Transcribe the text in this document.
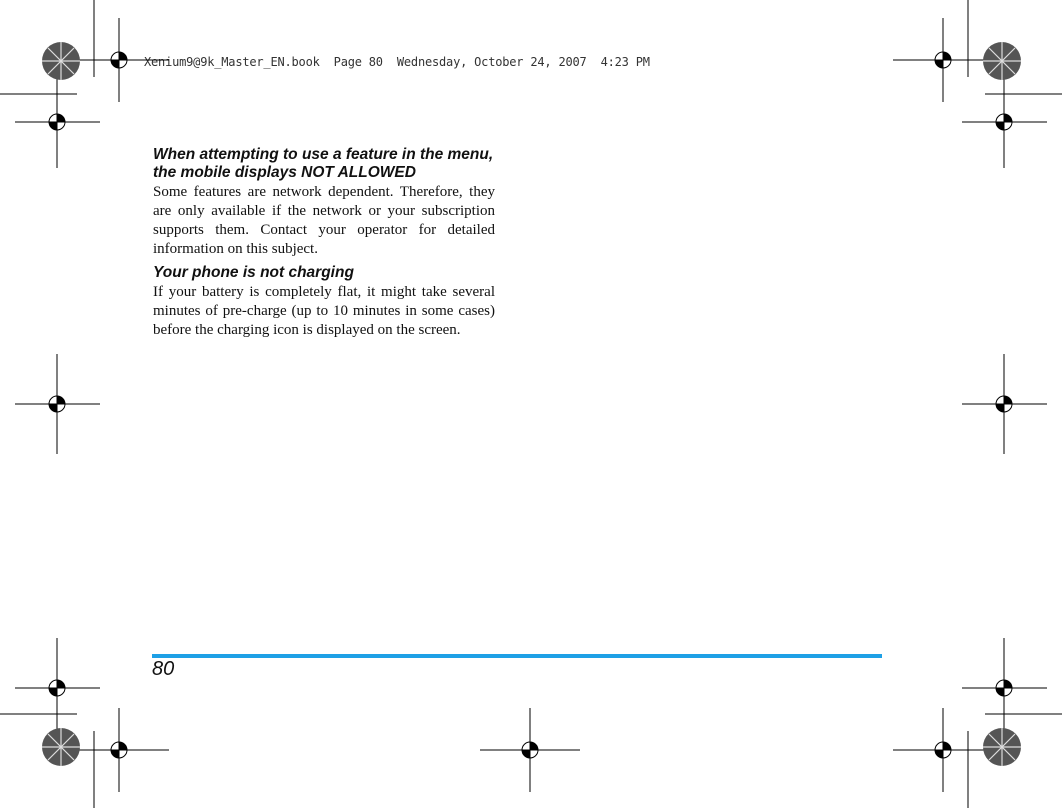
Xenium9@9k_Master_EN.book  Page 80  Wednesday, October 24, 2007  4:23 PM
When attempting to use a feature in the menu, the mobile displays NOT ALLOWED

Some features are network dependent. Therefore, they are only available if the network or your subscription supports them. Contact your operator for detailed information on this subject.

Your phone is not charging

If your battery is completely flat, it might take several minutes of pre-charge (up to 10 minutes in some cases) before the charging icon is displayed on the screen.

80
